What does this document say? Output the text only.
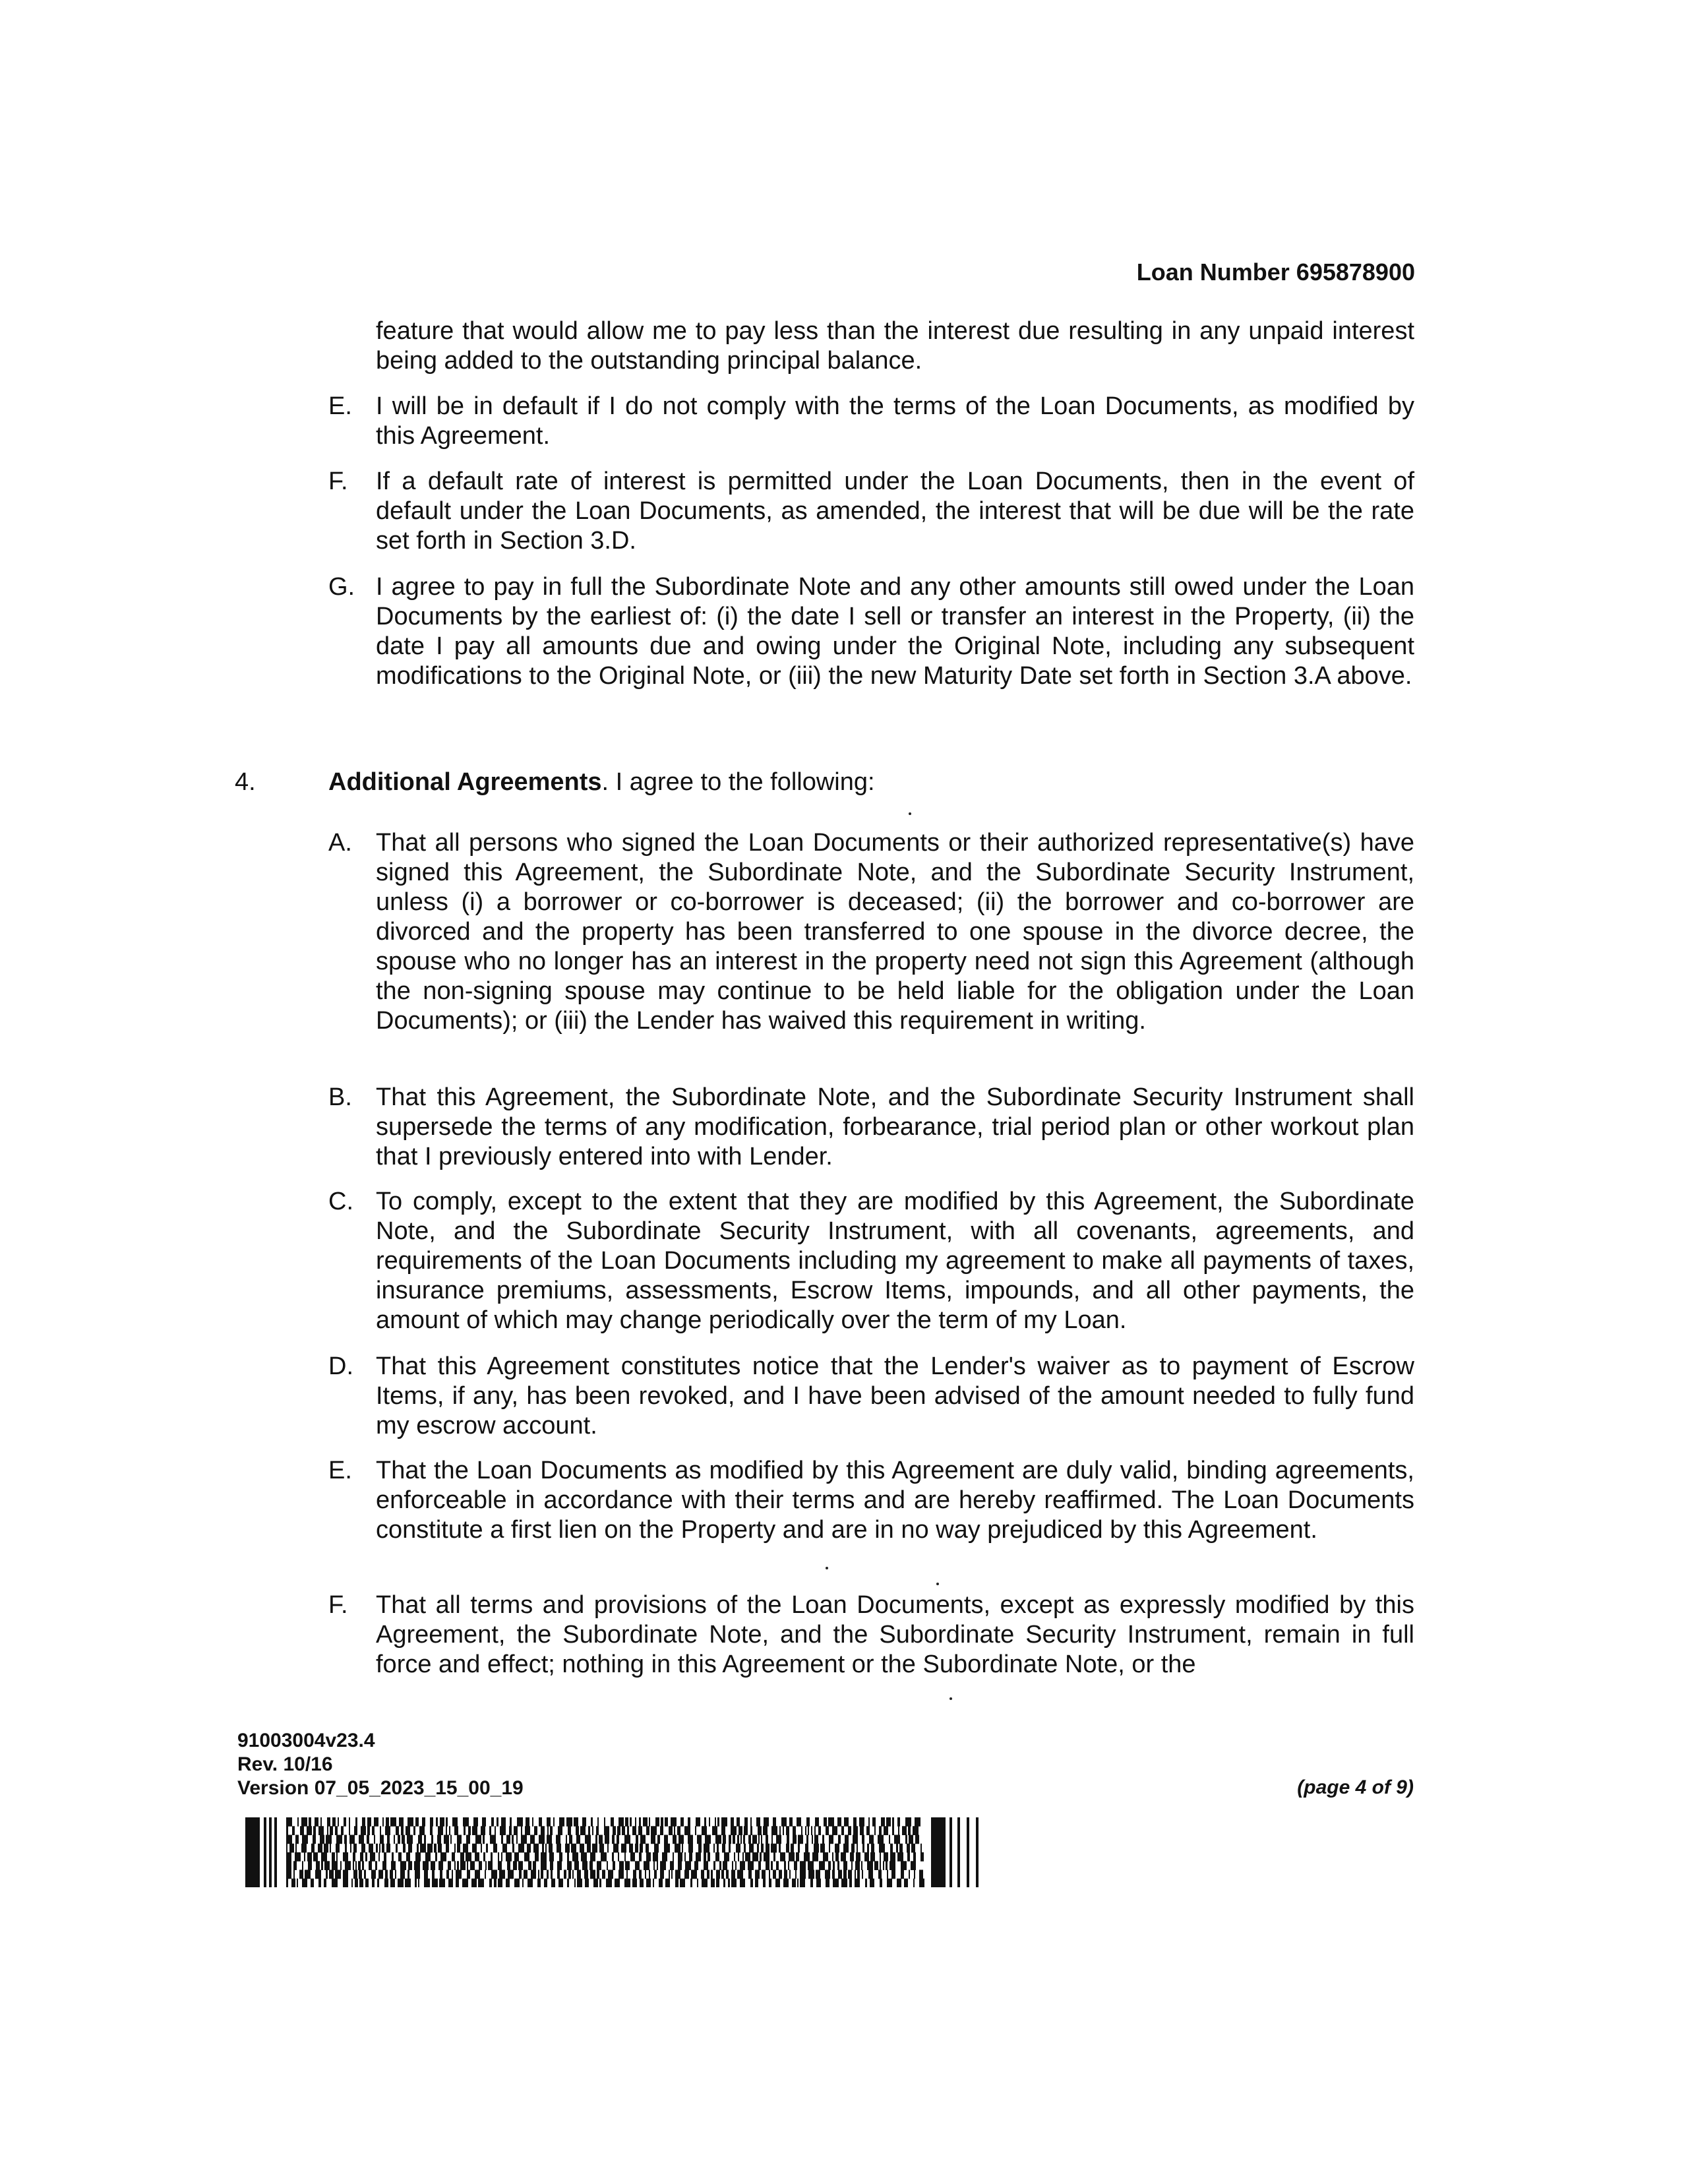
Loan Number 695878900
feature that would allow me to pay less than the interest due resulting in any unpaid interest being added to the outstanding principal balance.
E. I will be in default if I do not comply with the terms of the Loan Documents, as modified by this Agreement.
F.	If a default rate of interest is permitted under the Loan Documents, then in the event of default under the Loan Documents, as amended, the interest that will be due will be the rate set forth in Section 3.D.
G. I agree to pay in full the Subordinate Note and any other amounts still owed under the Loan Documents by the earliest of: (i) the date I sell or transfer an interest in the Property, (ii) the date I pay all amounts due and owing under the Original Note, including any subsequent modifications to the Original Note, or (iii) the new Maturity Date set forth in Section 3.A above.
4.	Additional Agreements. I agree to the following:
A. That all persons who signed the Loan Documents or their authorized representative(s) have signed this Agreement, the Subordinate Note, and the Subordinate Security Instrument, unless (i) a borrower or co-borrower is deceased; (ii) the borrower and co-borrower are divorced and the property has been transferred to one spouse in the divorce decree, the spouse who no longer has an interest in the property need not sign this Agreement (although the non-signing spouse may continue to be held liable for the obligation under the Loan Documents); or (iii) the Lender has waived this requirement in writing.
B. That this Agreement, the Subordinate Note, and the Subordinate Security Instrument shall supersede the terms of any modification, forbearance, trial period plan or other workout plan that I previously entered into with Lender.
C. To comply, except to the extent that they are modified by this Agreement, the Subordinate Note, and the Subordinate Security Instrument, with all covenants, agreements, and requirements of the Loan Documents including my agreement to make all payments of taxes, insurance premiums, assessments, Escrow Items, impounds, and all other payments, the amount of which may change periodically over the term of my Loan.
D. That this Agreement constitutes notice that the Lender's waiver as to payment of Escrow Items, if any, has been revoked, and I have been advised of the amount needed to fully fund my escrow account.
E. That the Loan Documents as modified by this Agreement are duly valid, binding agreements, enforceable in accordance with their terms and are hereby reaffirmed. The Loan Documents constitute a first lien on the Property and are in no way prejudiced by this Agreement.
F.	That all terms and provisions of the Loan Documents, except as expressly modified by this Agreement, the Subordinate Note, and the Subordinate Security Instrument, remain in full force and effect; nothing in this Agreement or the Subordinate Note, or the
91003004v23.4
Rev. 10/16
Version 07_05_2023_15_00_19	(page 4 of 9)
